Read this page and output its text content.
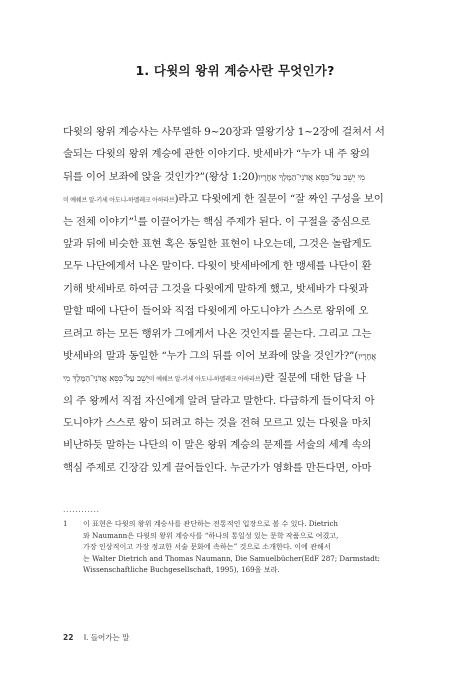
1. 다윗의 왕위 계승사란 무엇인가?
다윗의 왕위 계승사는 사무엘하 9~20장과 열왕기상 1~2장에 걸쳐서 서
술되는 다윗의 왕위 계승에 관한 이야기다. 밧세바가 “누가 내 주 왕의
뒤를 이어 보좌에 앉을 것인가?”(왕상 1:20)מִי יֵשֵׁב עַל־כִּסֵּא אֲדֹנִי־הַמֶּלֶךְ אַחֲרָיו
미 예쉐브 알-키세 아도니-하멜레크 아하라브)라고 다윗에게 한 질문이 “잘 짜인 구성을 보이
는 전체 이야기”$^1$를 이끌어가는 핵심 주제가 된다. 이 구절을 중심으로
앞과 뒤에 비슷한 표현 혹은 동일한 표현이 나오는데, 그것은 놀랍게도
모두 나단에게서 나온 말이다. 다윗이 밧세바에게 한 맹세를 나단이 환
기해 밧세바로 하여금 그것을 다윗에게 말하게 했고, 밧세바가 다윗과
말할 때에 나단이 들어와 직접 다윗에게 아도니야가 스스로 왕위에 오
르려고 하는 모든 행위가 그에게서 나온 것인지를 묻는다. 그리고 그는
밧세바의 말과 동일한 “누가 그의 뒤를 이어 보좌에 앉을 것인가?”(אֲחָרָיו
יֵשֵׁב עַל־כִּסֵּא אֲדֹנִי־הַמֶּלֶךְ מִי미 예쉐브 알-키세 아도니-하멜레크 아하라브)란 질문에 대한 답을 나
의 주 왕께서 직접 자신에게 알려 달라고 말한다. 다급하게 들이닥치 아
도니야가 스스로 왕이 되려고 하는 것을 전혀 모르고 있는 다윗을 마치
비난하듯 말하는 나단의 이 말은 왕위 계승의 문제를 서술의 세계 속의
핵심 주제로 긴장감 있게 끌어들인다. 누군가가 영화를 만든다면, 아마
............
1 이 표현은 다윗의 왕위 계승사를 관단하는 전통적인 입장으로 볼 수 있다. Dietrich
와 Naumann은 다윗의 왕위 계승사를 “하나의 통일성 있는 문학 작품으로 여겼고,
가장 인상적이고 가장 정교한 서술 문화에 속하는” 것으로 소개한다. 이에 관해서
는 Walter Dietrich and Thomas Naumann, Die Samuelbücher(EdF 287; Darmstadt:
Wissenschaftliche Buchgesellschaft, 1995), 169을 보라.
22 I. 들어가는 말
